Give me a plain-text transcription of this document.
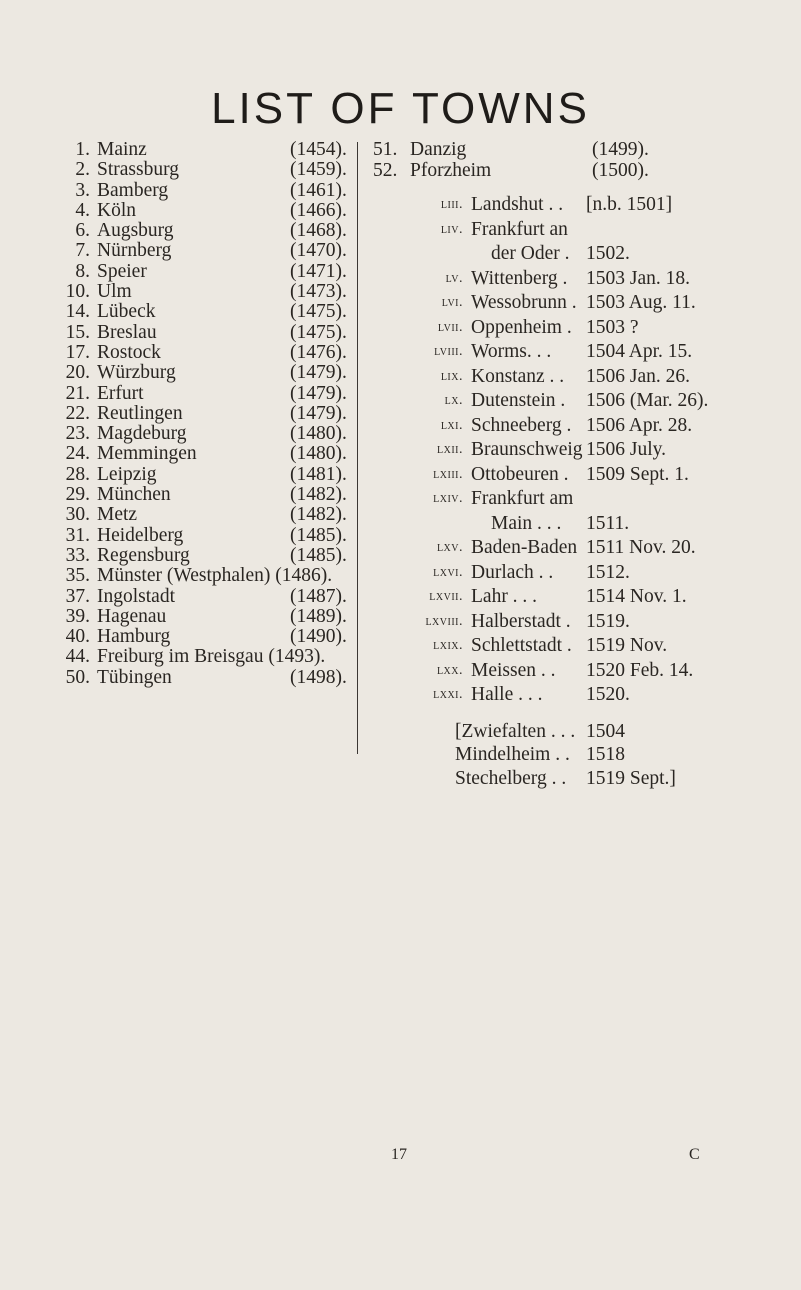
LIST OF TOWNS
1. Mainz	(1454).
2. Strassburg	(1459).
3. Bamberg	(1461).
4. Köln	(1466).
6. Augsburg	(1468).
7. Nürnberg	(1470).
8. Speier	(1471).
10. Ulm	(1473).
14. Lübeck	(1475).
15. Breslau	(1475).
17. Rostock	(1476).
20. Würzburg	(1479).
21. Erfurt	(1479).
22. Reutlingen	(1479).
23. Magdeburg	(1480).
24. Memmingen	(1480).
28. Leipzig	(1481).
29. München	(1482).
30. Metz	(1482).
31. Heidelberg	(1485).
33. Regensburg	(1485).
35. Münster (Westphalen) (1486).
37. Ingolstadt	(1487).
39. Hagenau	(1489).
40. Hamburg	(1490).
44. Freiburg im Breisgau (1493).
50. Tübingen	(1498).
51. Danzig	(1499).
52. Pforzheim	(1500).
liii. Landshut . . [n.b. 1501]
liv. Frankfurt an
der Oder . 1502.
lv. Wittenberg . 1503 Jan. 18.
lvi. Wessobrunn . 1503 Aug. 11.
lvii. Oppenheim . 1503 ?
lviii. Worms. . . 1504 Apr. 15.
lix. Konstanz . . 1506 Jan. 26.
lx. Dutenstein . 1506 (Mar. 26).
lxi. Schneeberg . 1506 Apr. 28.
lxii. Braunschweig 1506 July.
lxiii. Ottobeuren . 1509 Sept. 1.
lxiv. Frankfurt am
Main . . . 1511.
lxv. Baden-Baden 1511 Nov. 20.
lxvi. Durlach . . 1512.
lxvii. Lahr . . .	1514 Nov. 1.
lxviii. Halberstadt . 1519.
lxix. Schlettstadt . 1519 Nov.
lxx. Meissen . . 1520 Feb. 14.
lxxi. Halle . . . 1520.
[Zwiefalten . . . 1504
Mindelheim . . 1518
Stechelberg . . 1519 Sept.]
17	C
